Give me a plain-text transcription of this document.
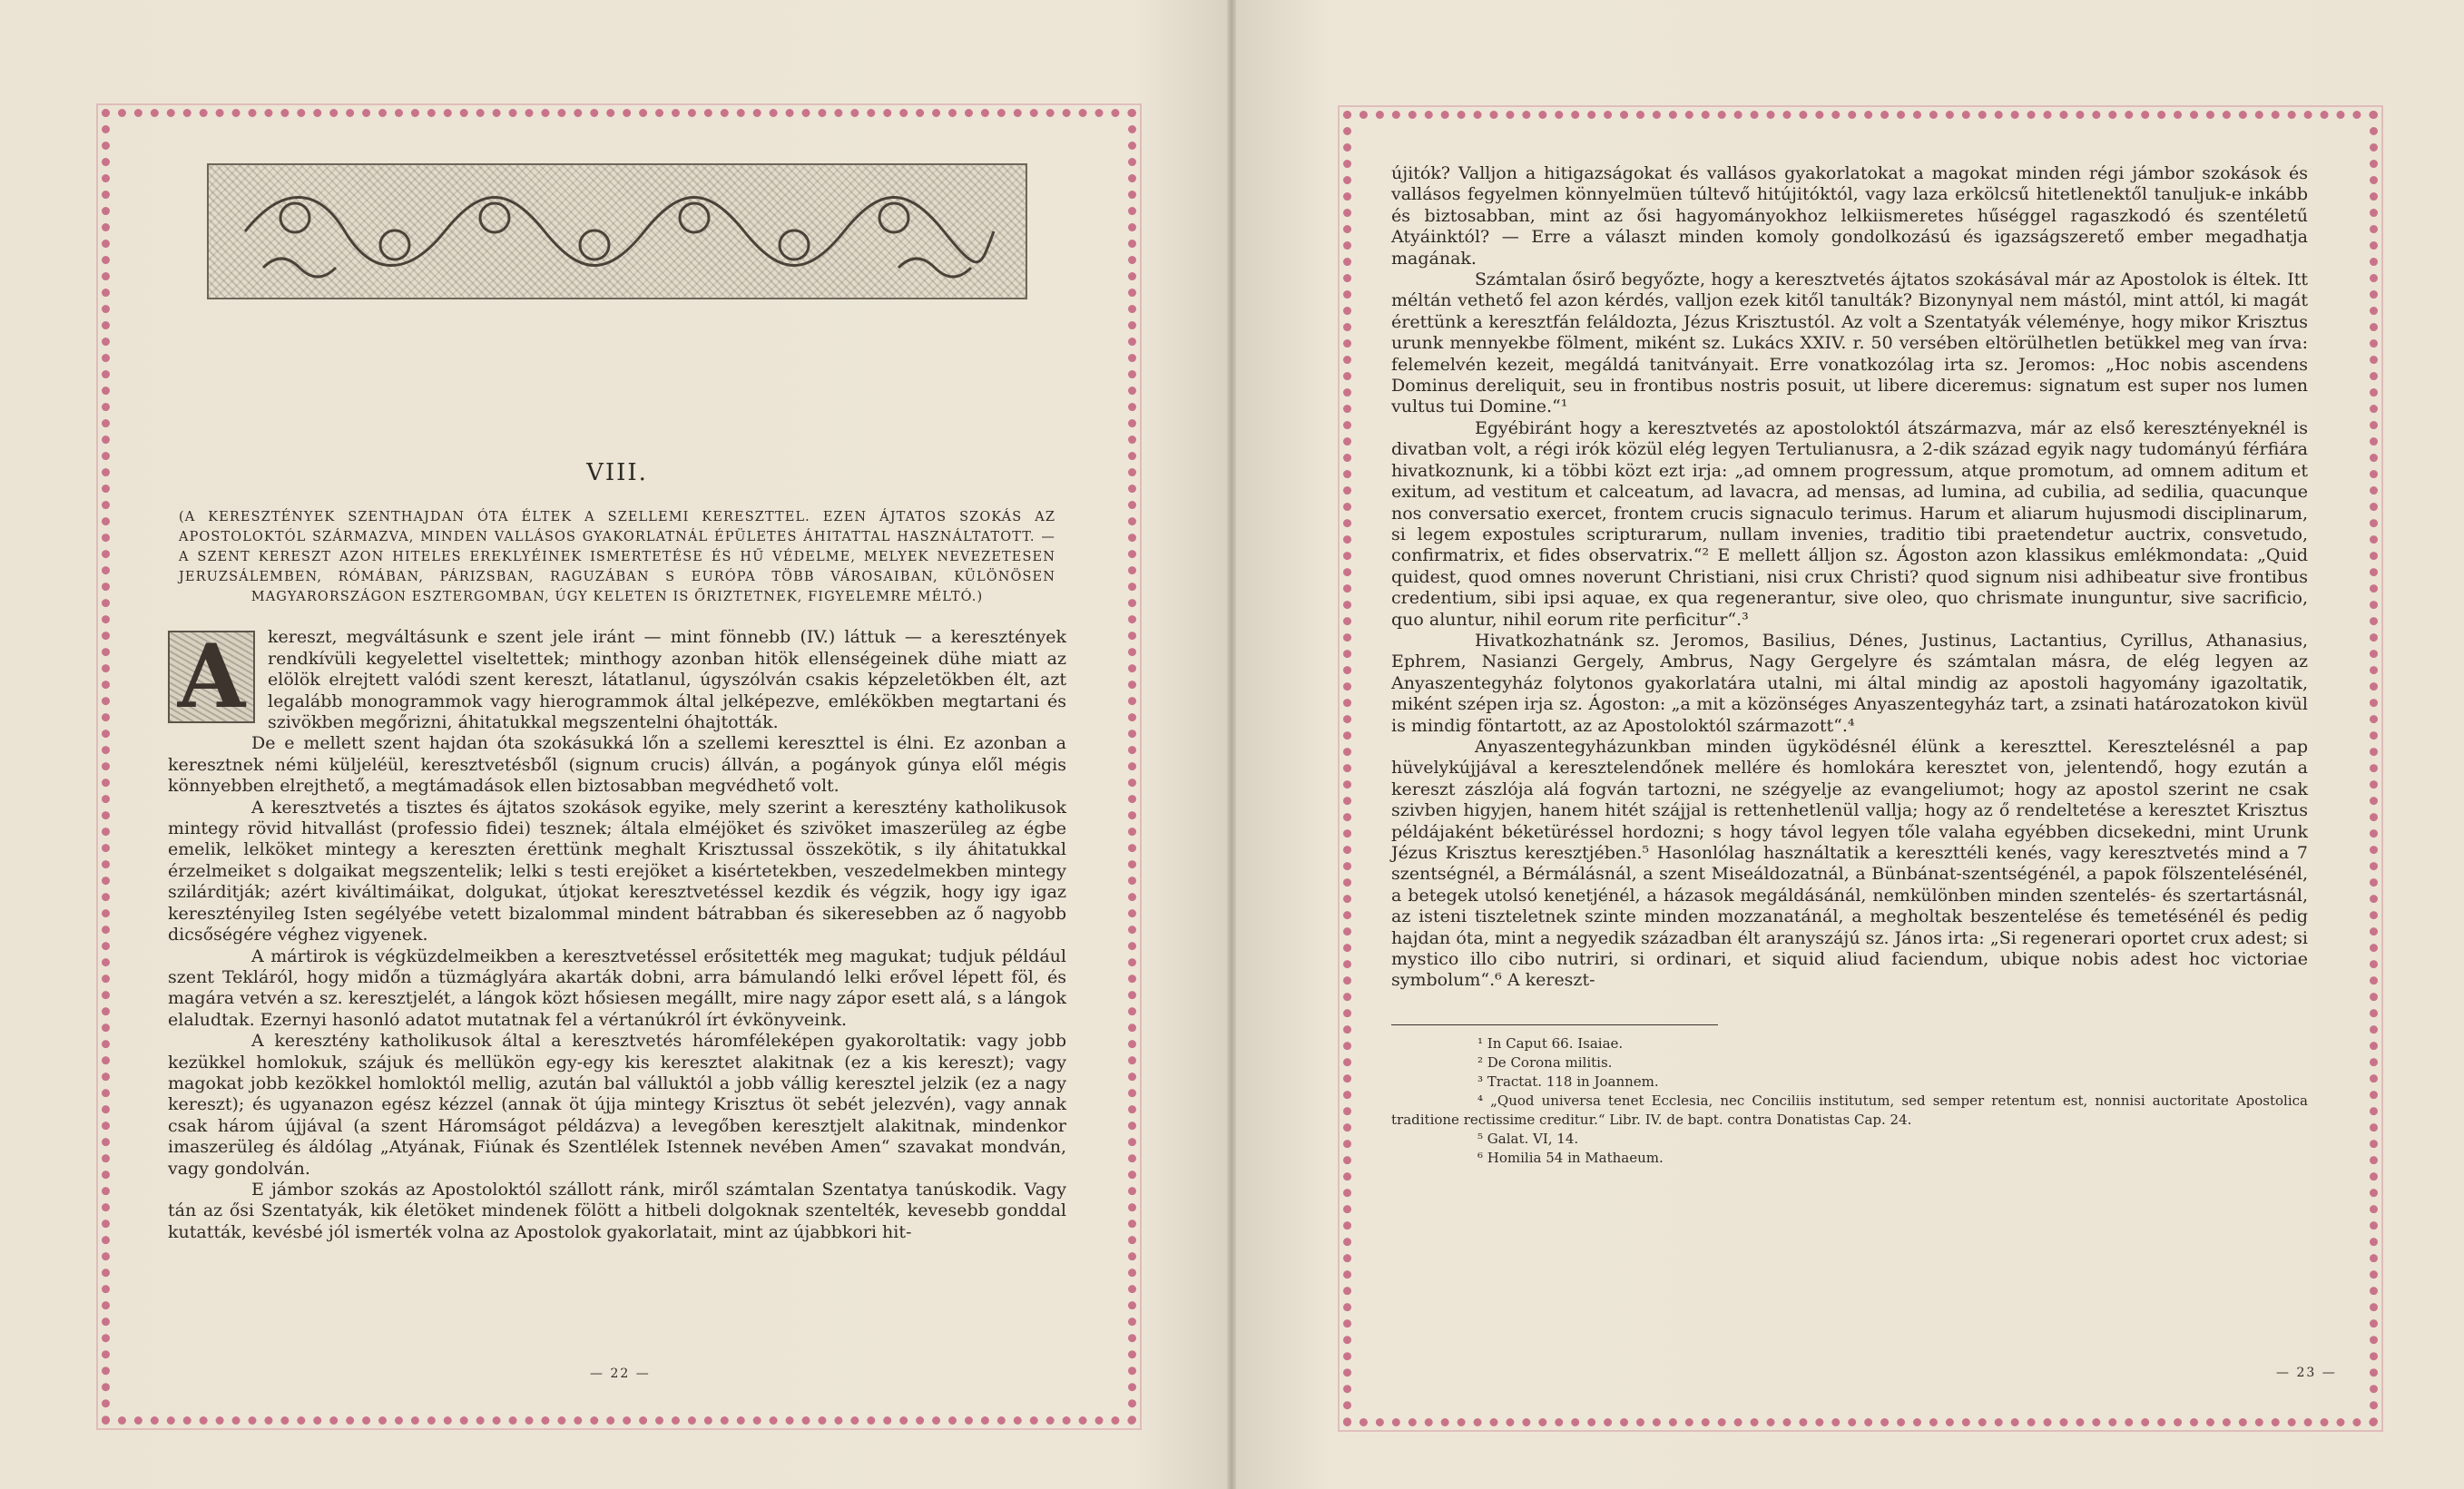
VIII.
(A KERESZTÉNYEK SZENTHAJDAN ÓTA ÉLTEK A SZELLEMI KERESZTTEL. EZEN ÁJTATOS SZOKÁS AZ APOSTOLOKTÓL SZÁRMAZVA, MINDEN VALLÁSOS GYAKORLATNÁL ÉPÜLETES ÁHITATTAL HASZNÁLTATOTT. — A SZENT KERESZT AZON HITELES EREKLYÉINEK ISMERTETÉSE ÉS HŰ VÉDELME, MELYEK NEVEZETESEN JERUZSÁLEMBEN, RÓMÁBAN, PÁRIZSBAN, RAGUZÁBAN S EURÓPA TÖBB VÁROSAIBAN, KÜLÖNÖSEN MAGYARORSZÁGON ESZTERGOMBAN, ÚGY KELETEN IS ŐRIZTETNEK, FIGYELEMRE MÉLTÓ.)
A	kereszt, megváltásunk e szent jele iránt — mint fönnebb (IV.) láttuk — a keresztények rendkívüli kegyelettel viseltettek; minthogy azonban hitök ellenségeinek dühe miatt az elölök elrejtett valódi szent kereszt, látatlanul, úgyszólván csakis képzeletökben élt, azt legalább monogrammok vagy hierogrammok által jelképezve, emlékökben megtartani és szivökben megőrizni, áhitatukkal megszentelni óhajtották.

De e mellett szent hajdan óta szokásukká lőn a szellemi kereszttel is élni. Ez azonban a keresztnek némi küljeléül, keresztvetésből (signum crucis) állván, a pogányok gúnya elől mégis könnyebben elrejthető, a megtámadások ellen biztosabban megvédhető volt.

A keresztvetés a tisztes és ájtatos szokások egyike, mely szerint a keresztény katholikusok mintegy rövid hitvallást (professio fidei) tesznek; általa elméjöket és szivöket imaszerüleg az égbe emelik, lelköket mintegy a kereszten érettünk meghalt Krisztussal összekötik, s ily áhitatukkal érzelmeiket s dolgaikat megszentelik; lelki s testi erejöket a kisértetekben, veszedelmekben mintegy szilárditják; azért kiváltimáikat, dolgukat, útjokat keresztvetéssel kezdik és végzik, hogy igy igaz keresztényileg Isten segélyébe vetett bizalommal mindent bátrabban és sikeresebben az ő nagyobb dicsőségére véghez vigyenek.

A mártirok is végküzdelmeikben a keresztvetéssel erősitették meg magukat; tudjuk például szent Tekláról, hogy midőn a tüzmáglyára akarták dobni, arra bámulandó lelki erővel lépett föl, és magára vetvén a sz. keresztjelét, a lángok közt hősiesen megállt, mire nagy zápor esett alá, s a lángok elaludtak. Ezernyi hasonló adatot mutatnak fel a vértanúkról írt évkönyveink.

A keresztény katholikusok által a keresztvetés háromféleképen gyakoroltatik: vagy jobb kezükkel homlokuk, szájuk és mellükön egy-egy kis keresztet alakitnak (ez a kis kereszt); vagy magokat jobb kezökkel homloktól mellig, azután bal válluktól a jobb vállig keresztel jelzik (ez a nagy kereszt); és ugyanazon egész kézzel (annak öt újja mintegy Krisztus öt sebét jelezvén), vagy annak csak három újjával (a szent Háromságot példázva) a levegőben keresztjelt alakitnak, mindenkor imaszerüleg és áldólag „Atyának, Fiúnak és Szentlélek Istennek nevében Amen“ szavakat mondván, vagy gondolván.

E jámbor szokás az Apostoloktól szállott ránk, miről számtalan Szentatya tanúskodik. Vagy tán az ősi Szentatyák, kik életöket mindenek fölött a hitbeli dolgoknak szentelték, kevesebb gonddal kutatták, kevésbé jól ismerték volna az Apostolok gyakorlatait, mint az újabbkori hit-

— 22 —

újitók? Valljon a hitigazságokat és vallásos gyakorlatokat a magokat minden régi jámbor szokások és vallásos fegyelmen könnyelmüen túltevő hitújitóktól, vagy laza erkölcsű hitetlenektől tanuljuk-e inkább és biztosabban, mint az ősi hagyományokhoz lelkiismeretes hűséggel ragaszkodó és szentéletű Atyáinktól? — Erre a választ minden komoly gondolkozású és igazságszerető ember megadhatja magának.

Számtalan ősirő begyőzte, hogy a keresztvetés ájtatos szokásával már az Apostolok is éltek. Itt méltán vethető fel azon kérdés, valljon ezek kitől tanulták? Bizonynyal nem mástól, mint attól, ki magát érettünk a keresztfán feláldozta, Jézus Krisztustól. Az volt a Szentatyák véleménye, hogy mikor Krisztus urunk mennyekbe fölment, miként sz. Lukács XXIV. r. 50 versében eltörülhetlen betükkel meg van írva: felemelvén kezeit, megáldá tanitványait. Erre vonatkozólag irta sz. Jeromos: „Hoc nobis ascendens Dominus dereliquit, seu in frontibus nostris posuit, ut libere diceremus: signatum est super nos lumen vultus tui Domine.“¹

Egyébiránt hogy a keresztvetés az apostoloktól átszármazva, már az első keresztényeknél is divatban volt, a régi irók közül elég legyen Tertulianusra, a 2-dik század egyik nagy tudományú férfiára hivatkoznunk, ki a többi közt ezt irja: „ad omnem progressum, atque promotum, ad omnem aditum et exitum, ad vestitum et calceatum, ad lavacra, ad mensas, ad lumina, ad cubilia, ad sedilia, quacunque nos conversatio exercet, frontem crucis signaculo terimus. Harum et aliarum hujusmodi disciplinarum, si legem expostules scripturarum, nullam invenies, traditio tibi praetendetur auctrix, consvetudo, confirmatrix, et fides observatrix.“² E mellett álljon sz. Ágoston azon klassikus emlékmondata: „Quid quidest, quod omnes noverunt Christiani, nisi crux Christi? quod signum nisi adhibeatur sive frontibus credentium, sibi ipsi aquae, ex qua regenerantur, sive oleo, quo chrismate inunguntur, sive sacrificio, quo aluntur, nihil eorum rite perficitur“.³

Hivatkozhatnánk sz. Jeromos, Basilius, Dénes, Justinus, Lactantius, Cyrillus, Athanasius, Ephrem, Nasianzi Gergely, Ambrus, Nagy Gergelyre és számtalan másra, de elég legyen az Anyaszentegyház folytonos gyakorlatára utalni, mi által mindig az apostoli hagyomány igazoltatik, miként szépen irja sz. Ágoston: „a mit a közönséges Anyaszentegyház tart, a zsinati határozatokon kivül is mindig föntartott, az az Apostoloktól származott“.⁴

Anyaszentegyházunkban minden ügyködésnél élünk a kereszttel. Keresztelésnél a pap hüvelykújjával a keresztelendőnek mellére és homlokára keresztet von, jelentendő, hogy ezután a kereszt zászlója alá fogván tartozni, ne szégyelje az evangeliumot; hogy az apostol szerint ne csak szivben higyjen, hanem hitét szájjal is rettenhetlenül vallja; hogy az ő rendeltetése a keresztet Krisztus példájaként béketüréssel hordozni; s hogy távol legyen tőle valaha egyébben dicsekedni, mint Urunk Jézus Krisztus keresztjében.⁵ Hasonlólag használtatik a kereszttéli kenés, vagy keresztvetés mind a 7 szentségnél, a Bérmálásnál, a szent Miseáldozatnál, a Bünbánat-szentségénél, a papok fölszentelésénél, a betegek utolsó kenetjénél, a házasok megáldásánál, nemkülönben minden szentelés- és szertartásnál, az isteni tiszteletnek szinte minden mozzanatánál, a megholtak beszentelése és temetésénél és pedig hajdan óta, mint a negyedik században élt aranyszájú sz. János irta: „Si regenerari oportet crux adest; si mystico illo cibo nutriri, si ordinari, et siquid aliud faciendum, ubique nobis adest hoc victoriae symbolum“.⁶ A kereszt-

¹ In Caput 66. Isaiae.
² De Corona militis.
³ Tractat. 118 in Joannem.
⁴ „Quod universa tenet Ecclesia, nec Conciliis institutum, sed semper retentum est, nonnisi auctoritate Apostolica traditione rectissime creditur.“ Libr. IV. de bapt. contra Donatistas Cap. 24.
⁵ Galat. VI, 14.
⁶ Homilia 54 in Mathaeum.
— 23 —
